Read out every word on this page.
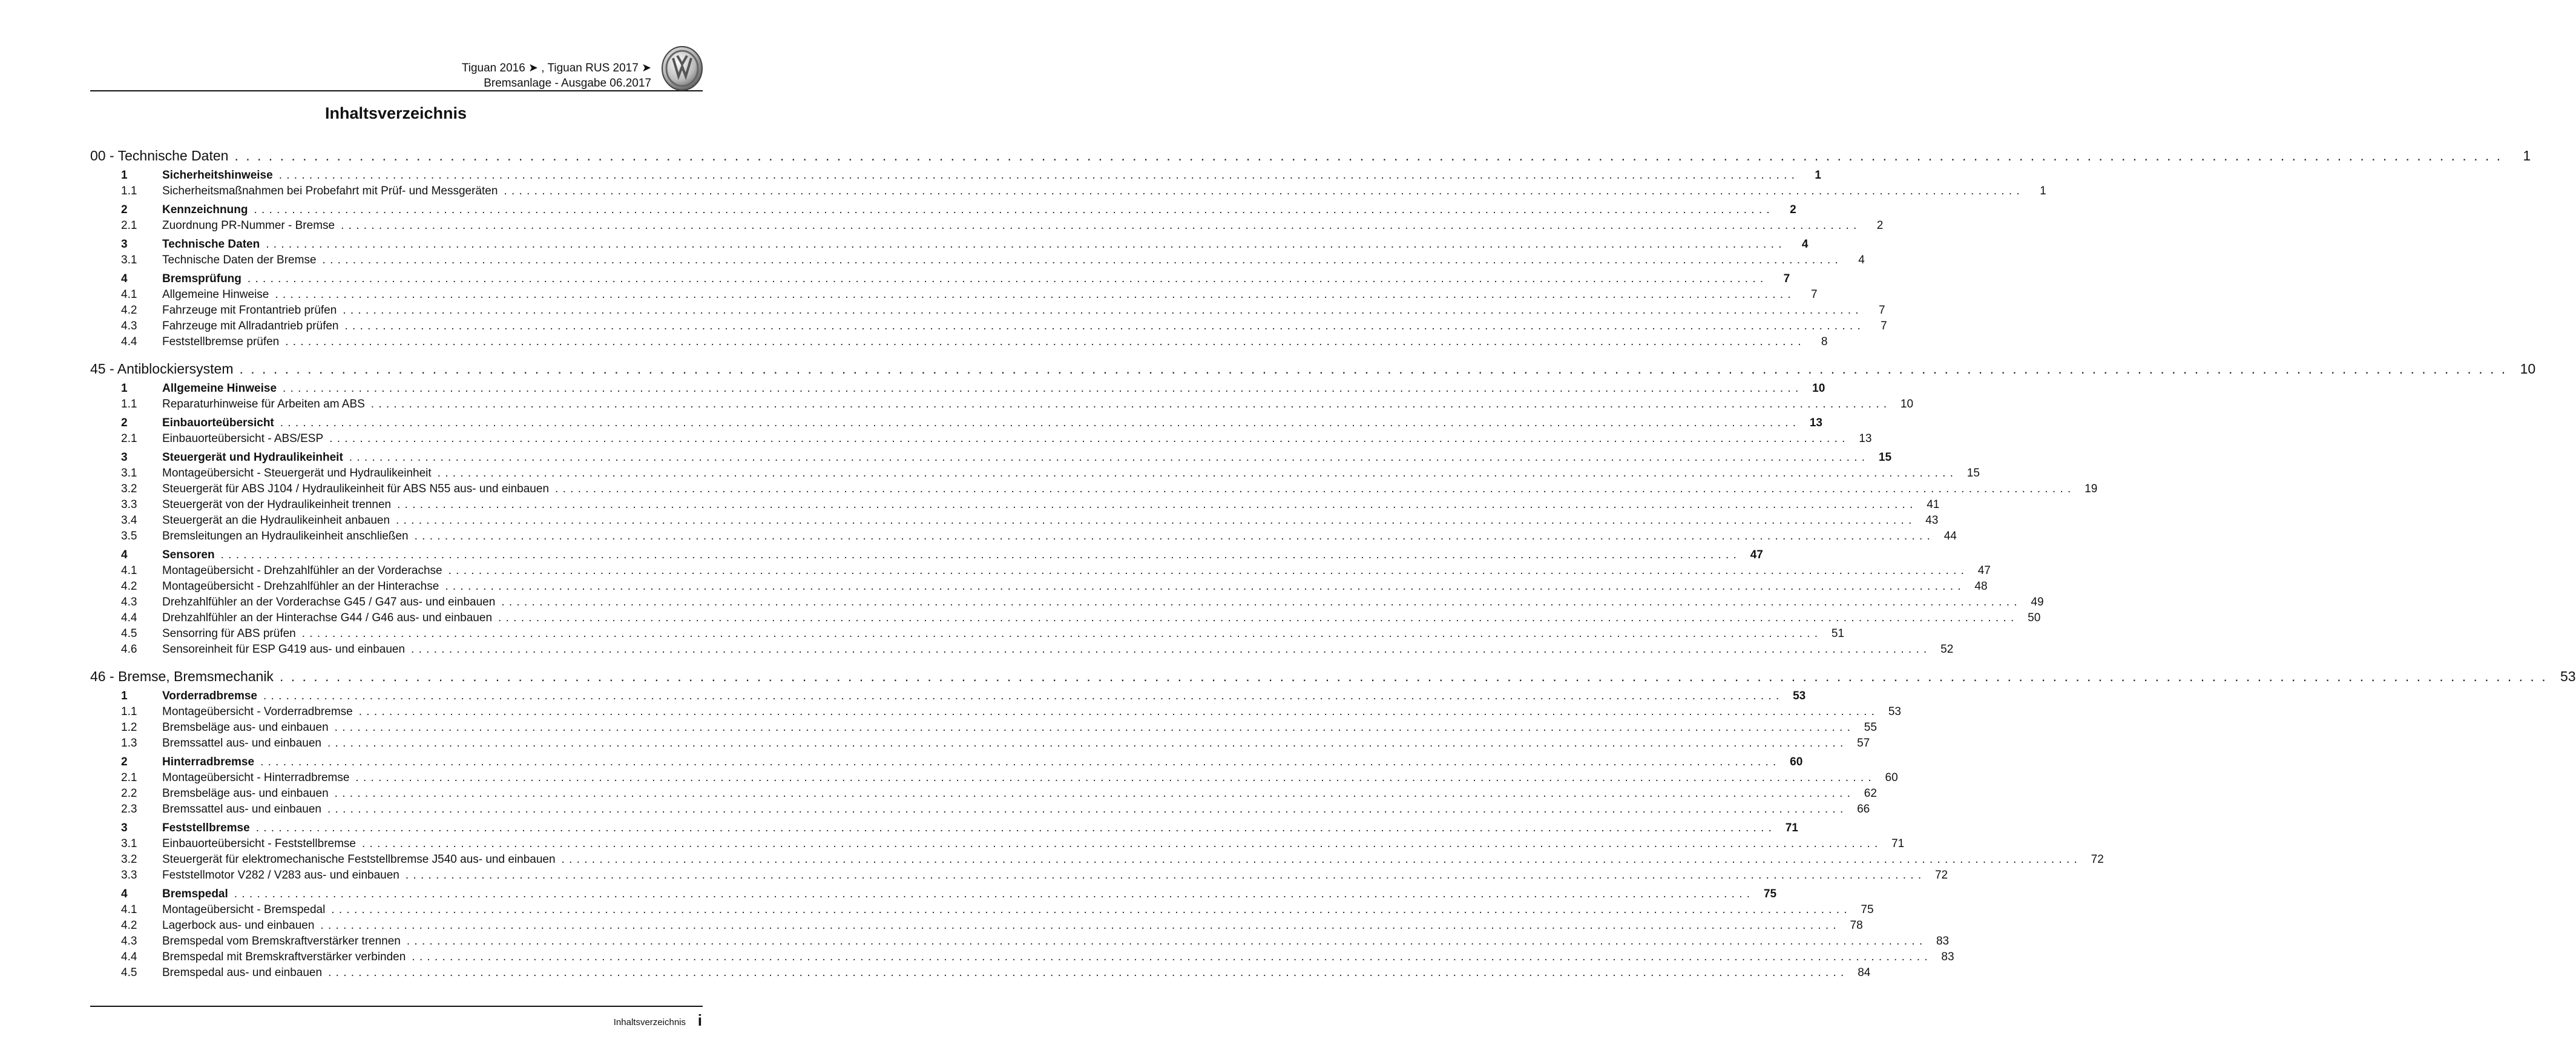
Tiguan 2016 ➤ , Tiguan RUS 2017 ➤
Bremsanlage - Ausgabe 06.2017
Inhaltsverzeichnis
00 - Technische Daten . . . . . . . . . . . . . . . . . . . . . . . . . . . . . . . . . . . . . . . . . . . . . . . . . . . . . . . . . . . . . . . . . . . . . . . . . . . . . . . . . . . . . . . . . . . . . . . . . . . . . . . . . . . . . . . . . . . . . . . . . . . . . . . . . . . . . . . . . . . . . . . . . . . . . . . . . . . . . . . . . . . . . . . . . . . . . . . . . . . . . . . . . . . . . . . . . . . . . . . .	1
1	Sicherheitshinweise . . . . . . . . . . . . . . . . . . . . . . . . . . . . . . . . . . . . . . . . . . . . . . . . . . . . . . . . . . . . . . . . . . . . . . . . . . . . . . . . . . . . . . . . . . . . . . . . . . . . . . . . . . . . . . . . . . . . . . . . . . . . . . . . . . . . . . . . . . . . . . . . . . . . . . . . . . . . . . . . . . . . . . . . . . . . . . . . . . . . . . . . . . . . . . . . . . . . . . . .	1
1.1	Sicherheitsmaßnahmen bei Probefahrt mit Prüf- und Messgeräten . . . . . . . . . . . . . . . . . . . . . . . . . . . . . . . . . . . . . . . . . . . . . . . . . . . . . . . . . . . . . . . . . . . . . . . . . . . . . . . . . . . . . . . . . . . . . . . . . . . . . . . . . . . . . . . . . . . . . . . . . . . . . . . . . . . . . . . . . . . . . . . . . . . . . . . . . . . . . . . . . . . . . . . . . . . . . . . . . . . . . . . . . . . . . . . . . . . . . . . .	1
2	Kennzeichnung . . . . . . . . . . . . . . . . . . . . . . . . . . . . . . . . . . . . . . . . . . . . . . . . . . . . . . . . . . . . . . . . . . . . . . . . . . . . . . . . . . . . . . . . . . . . . . . . . . . . . . . . . . . . . . . . . . . . . . . . . . . . . . . . . . . . . . . . . . . . . . . . . . . . . . . . . . . . . . . . . . . . . . . . . . . . . . . . . . . . . . . . . . . . . . . . . . . . . . . .	2
2.1	Zuordnung PR-Nummer - Bremse . . . . . . . . . . . . . . . . . . . . . . . . . . . . . . . . . . . . . . . . . . . . . . . . . . . . . . . . . . . . . . . . . . . . . . . . . . . . . . . . . . . . . . . . . . . . . . . . . . . . . . . . . . . . . . . . . . . . . . . . . . . . . . . . . . . . . . . . . . . . . . . . . . . . . . . . . . . . . . . . . . . . . . . . . . . . . . . . . . . . . . . . . . . . . . . . . . . . . . . .	2
3	Technische Daten . . . . . . . . . . . . . . . . . . . . . . . . . . . . . . . . . . . . . . . . . . . . . . . . . . . . . . . . . . . . . . . . . . . . . . . . . . . . . . . . . . . . . . . . . . . . . . . . . . . . . . . . . . . . . . . . . . . . . . . . . . . . . . . . . . . . . . . . . . . . . . . . . . . . . . . . . . . . . . . . . . . . . . . . . . . . . . . . . . . . . . . . . . . . . . . . . . . . . . . .	4
3.1	Technische Daten der Bremse . . . . . . . . . . . . . . . . . . . . . . . . . . . . . . . . . . . . . . . . . . . . . . . . . . . . . . . . . . . . . . . . . . . . . . . . . . . . . . . . . . . . . . . . . . . . . . . . . . . . . . . . . . . . . . . . . . . . . . . . . . . . . . . . . . . . . . . . . . . . . . . . . . . . . . . . . . . . . . . . . . . . . . . . . . . . . . . . . . . . . . . . . . . . . . . . . . . . . . . .	4
4	Bremsprüfung . . . . . . . . . . . . . . . . . . . . . . . . . . . . . . . . . . . . . . . . . . . . . . . . . . . . . . . . . . . . . . . . . . . . . . . . . . . . . . . . . . . . . . . . . . . . . . . . . . . . . . . . . . . . . . . . . . . . . . . . . . . . . . . . . . . . . . . . . . . . . . . . . . . . . . . . . . . . . . . . . . . . . . . . . . . . . . . . . . . . . . . . . . . . . . . . . . . . . . . .	7
4.1	Allgemeine Hinweise . . . . . . . . . . . . . . . . . . . . . . . . . . . . . . . . . . . . . . . . . . . . . . . . . . . . . . . . . . . . . . . . . . . . . . . . . . . . . . . . . . . . . . . . . . . . . . . . . . . . . . . . . . . . . . . . . . . . . . . . . . . . . . . . . . . . . . . . . . . . . . . . . . . . . . . . . . . . . . . . . . . . . . . . . . . . . . . . . . . . . . . . . . . . . . . . . . . . . . . .	7
4.2	Fahrzeuge mit Frontantrieb prüfen . . . . . . . . . . . . . . . . . . . . . . . . . . . . . . . . . . . . . . . . . . . . . . . . . . . . . . . . . . . . . . . . . . . . . . . . . . . . . . . . . . . . . . . . . . . . . . . . . . . . . . . . . . . . . . . . . . . . . . . . . . . . . . . . . . . . . . . . . . . . . . . . . . . . . . . . . . . . . . . . . . . . . . . . . . . . . . . . . . . . . . . . . . . . . . . . . . . . . . . .	7
4.3	Fahrzeuge mit Allradantrieb prüfen . . . . . . . . . . . . . . . . . . . . . . . . . . . . . . . . . . . . . . . . . . . . . . . . . . . . . . . . . . . . . . . . . . . . . . . . . . . . . . . . . . . . . . . . . . . . . . . . . . . . . . . . . . . . . . . . . . . . . . . . . . . . . . . . . . . . . . . . . . . . . . . . . . . . . . . . . . . . . . . . . . . . . . . . . . . . . . . . . . . . . . . . . . . . . . . . . . . . . . . .	7
4.4	Feststellbremse prüfen . . . . . . . . . . . . . . . . . . . . . . . . . . . . . . . . . . . . . . . . . . . . . . . . . . . . . . . . . . . . . . . . . . . . . . . . . . . . . . . . . . . . . . . . . . . . . . . . . . . . . . . . . . . . . . . . . . . . . . . . . . . . . . . . . . . . . . . . . . . . . . . . . . . . . . . . . . . . . . . . . . . . . . . . . . . . . . . . . . . . . . . . . . . . . . . . . . . . . . . .	8
45 - Antiblockiersystem . . . . . . . . . . . . . . . . . . . . . . . . . . . . . . . . . . . . . . . . . . . . . . . . . . . . . . . . . . . . . . . . . . . . . . . . . . . . . . . . . . . . . . . . . . . . . . . . . . . . . . . . . . . . . . . . . . . . . . . . . . . . . . . . . . . . . . . . . . . . . . . . . . . . . . . . . . . . . . . . . . . . . . . . . . . . . . . . . . . . . . . . . . . . . . . . . . . . . . . .	10
1	Allgemeine Hinweise . . . . . . . . . . . . . . . . . . . . . . . . . . . . . . . . . . . . . . . . . . . . . . . . . . . . . . . . . . . . . . . . . . . . . . . . . . . . . . . . . . . . . . . . . . . . . . . . . . . . . . . . . . . . . . . . . . . . . . . . . . . . . . . . . . . . . . . . . . . . . . . . . . . . . . . . . . . . . . . . . . . . . . . . . . . . . . . . . . . . . . . . . . . . . . . . . . . . . . . .	10
1.1	Reparaturhinweise für Arbeiten am ABS . . . . . . . . . . . . . . . . . . . . . . . . . . . . . . . . . . . . . . . . . . . . . . . . . . . . . . . . . . . . . . . . . . . . . . . . . . . . . . . . . . . . . . . . . . . . . . . . . . . . . . . . . . . . . . . . . . . . . . . . . . . . . . . . . . . . . . . . . . . . . . . . . . . . . . . . . . . . . . . . . . . . . . . . . . . . . . . . . . . . . . . . . . . . . . . . . . . . . . . .	10
2	Einbauorteübersicht . . . . . . . . . . . . . . . . . . . . . . . . . . . . . . . . . . . . . . . . . . . . . . . . . . . . . . . . . . . . . . . . . . . . . . . . . . . . . . . . . . . . . . . . . . . . . . . . . . . . . . . . . . . . . . . . . . . . . . . . . . . . . . . . . . . . . . . . . . . . . . . . . . . . . . . . . . . . . . . . . . . . . . . . . . . . . . . . . . . . . . . . . . . . . . . . . . . . . . . .	13
2.1	Einbauorteübersicht - ABS/ESP . . . . . . . . . . . . . . . . . . . . . . . . . . . . . . . . . . . . . . . . . . . . . . . . . . . . . . . . . . . . . . . . . . . . . . . . . . . . . . . . . . . . . . . . . . . . . . . . . . . . . . . . . . . . . . . . . . . . . . . . . . . . . . . . . . . . . . . . . . . . . . . . . . . . . . . . . . . . . . . . . . . . . . . . . . . . . . . . . . . . . . . . . . . . . . . . . . . . . . . .	13
3	Steuergerät und Hydraulikeinheit . . . . . . . . . . . . . . . . . . . . . . . . . . . . . . . . . . . . . . . . . . . . . . . . . . . . . . . . . . . . . . . . . . . . . . . . . . . . . . . . . . . . . . . . . . . . . . . . . . . . . . . . . . . . . . . . . . . . . . . . . . . . . . . . . . . . . . . . . . . . . . . . . . . . . . . . . . . . . . . . . . . . . . . . . . . . . . . . . . . . . . . . . . . . . . . . . . . . . . . .	15
3.1	Montageübersicht - Steuergerät und Hydraulikeinheit . . . . . . . . . . . . . . . . . . . . . . . . . . . . . . . . . . . . . . . . . . . . . . . . . . . . . . . . . . . . . . . . . . . . . . . . . . . . . . . . . . . . . . . . . . . . . . . . . . . . . . . . . . . . . . . . . . . . . . . . . . . . . . . . . . . . . . . . . . . . . . . . . . . . . . . . . . . . . . . . . . . . . . . . . . . . . . . . . . . . . . . . . . . . . . . . . . . . . . . .	15
3.2	Steuergerät für ABS J104 / Hydraulikeinheit für ABS N55 aus- und einbauen . . . . . . . . . . . . . . . . . . . . . . . . . . . . . . . . . . . . . . . . . . . . . . . . . . . . . . . . . . . . . . . . . . . . . . . . . . . . . . . . . . . . . . . . . . . . . . . . . . . . . . . . . . . . . . . . . . . . . . . . . . . . . . . . . . . . . . . . . . . . . . . . . . . . . . . . . . . . . . . . . . . . . . . . . . . . . . . . . . . . . . . . . . . . . . . . . . . . . . . .	19
3.3	Steuergerät von der Hydraulikeinheit trennen . . . . . . . . . . . . . . . . . . . . . . . . . . . . . . . . . . . . . . . . . . . . . . . . . . . . . . . . . . . . . . . . . . . . . . . . . . . . . . . . . . . . . . . . . . . . . . . . . . . . . . . . . . . . . . . . . . . . . . . . . . . . . . . . . . . . . . . . . . . . . . . . . . . . . . . . . . . . . . . . . . . . . . . . . . . . . . . . . . . . . . . . . . . . . . . . . . . . . . . .	41
3.4	Steuergerät an die Hydraulikeinheit anbauen . . . . . . . . . . . . . . . . . . . . . . . . . . . . . . . . . . . . . . . . . . . . . . . . . . . . . . . . . . . . . . . . . . . . . . . . . . . . . . . . . . . . . . . . . . . . . . . . . . . . . . . . . . . . . . . . . . . . . . . . . . . . . . . . . . . . . . . . . . . . . . . . . . . . . . . . . . . . . . . . . . . . . . . . . . . . . . . . . . . . . . . . . . . . . . . . . . . . . . . .	43
3.5	Bremsleitungen an Hydraulikeinheit anschließen . . . . . . . . . . . . . . . . . . . . . . . . . . . . . . . . . . . . . . . . . . . . . . . . . . . . . . . . . . . . . . . . . . . . . . . . . . . . . . . . . . . . . . . . . . . . . . . . . . . . . . . . . . . . . . . . . . . . . . . . . . . . . . . . . . . . . . . . . . . . . . . . . . . . . . . . . . . . . . . . . . . . . . . . . . . . . . . . . . . . . . . . . . . . . . . . . . . . . . . .	44
4	Sensoren . . . . . . . . . . . . . . . . . . . . . . . . . . . . . . . . . . . . . . . . . . . . . . . . . . . . . . . . . . . . . . . . . . . . . . . . . . . . . . . . . . . . . . . . . . . . . . . . . . . . . . . . . . . . . . . . . . . . . . . . . . . . . . . . . . . . . . . . . . . . . . . . . . . . . . . . . . . . . . . . . . . . . . . . . . . . . . . . . . . . . . . . . . . . . . . . . . . . . . . .	47
4.1	Montageübersicht - Drehzahlfühler an der Vorderachse . . . . . . . . . . . . . . . . . . . . . . . . . . . . . . . . . . . . . . . . . . . . . . . . . . . . . . . . . . . . . . . . . . . . . . . . . . . . . . . . . . . . . . . . . . . . . . . . . . . . . . . . . . . . . . . . . . . . . . . . . . . . . . . . . . . . . . . . . . . . . . . . . . . . . . . . . . . . . . . . . . . . . . . . . . . . . . . . . . . . . . . . . . . . . . . . . . . . . . . .	47
4.2	Montageübersicht - Drehzahlfühler an der Hinterachse . . . . . . . . . . . . . . . . . . . . . . . . . . . . . . . . . . . . . . . . . . . . . . . . . . . . . . . . . . . . . . . . . . . . . . . . . . . . . . . . . . . . . . . . . . . . . . . . . . . . . . . . . . . . . . . . . . . . . . . . . . . . . . . . . . . . . . . . . . . . . . . . . . . . . . . . . . . . . . . . . . . . . . . . . . . . . . . . . . . . . . . . . . . . . . . . . . . . . . . .	48
4.3	Drehzahlfühler an der Vorderachse G45 / G47 aus- und einbauen . . . . . . . . . . . . . . . . . . . . . . . . . . . . . . . . . . . . . . . . . . . . . . . . . . . . . . . . . . . . . . . . . . . . . . . . . . . . . . . . . . . . . . . . . . . . . . . . . . . . . . . . . . . . . . . . . . . . . . . . . . . . . . . . . . . . . . . . . . . . . . . . . . . . . . . . . . . . . . . . . . . . . . . . . . . . . . . . . . . . . . . . . . . . . . . . . . . . . . . .	49
4.4	Drehzahlfühler an der Hinterachse G44 / G46 aus- und einbauen . . . . . . . . . . . . . . . . . . . . . . . . . . . . . . . . . . . . . . . . . . . . . . . . . . . . . . . . . . . . . . . . . . . . . . . . . . . . . . . . . . . . . . . . . . . . . . . . . . . . . . . . . . . . . . . . . . . . . . . . . . . . . . . . . . . . . . . . . . . . . . . . . . . . . . . . . . . . . . . . . . . . . . . . . . . . . . . . . . . . . . . . . . . . . . . . . . . . . . . .	50
4.5	Sensorring für ABS prüfen . . . . . . . . . . . . . . . . . . . . . . . . . . . . . . . . . . . . . . . . . . . . . . . . . . . . . . . . . . . . . . . . . . . . . . . . . . . . . . . . . . . . . . . . . . . . . . . . . . . . . . . . . . . . . . . . . . . . . . . . . . . . . . . . . . . . . . . . . . . . . . . . . . . . . . . . . . . . . . . . . . . . . . . . . . . . . . . . . . . . . . . . . . . . . . . . . . . . . . . .	51
4.6	Sensoreinheit für ESP G419 aus- und einbauen . . . . . . . . . . . . . . . . . . . . . . . . . . . . . . . . . . . . . . . . . . . . . . . . . . . . . . . . . . . . . . . . . . . . . . . . . . . . . . . . . . . . . . . . . . . . . . . . . . . . . . . . . . . . . . . . . . . . . . . . . . . . . . . . . . . . . . . . . . . . . . . . . . . . . . . . . . . . . . . . . . . . . . . . . . . . . . . . . . . . . . . . . . . . . . . . . . . . . . . .	52
46 - Bremse, Bremsmechanik . . . . . . . . . . . . . . . . . . . . . . . . . . . . . . . . . . . . . . . . . . . . . . . . . . . . . . . . . . . . . . . . . . . . . . . . . . . . . . . . . . . . . . . . . . . . . . . . . . . . . . . . . . . . . . . . . . . . . . . . . . . . . . . . . . . . . . . . . . . . . . . . . . . . . . . . . . . . . . . . . . . . . . . . . . . . . . . . . . . . . . . . . . . . . . . . . . . . . . . .	53
1	Vorderradbremse . . . . . . . . . . . . . . . . . . . . . . . . . . . . . . . . . . . . . . . . . . . . . . . . . . . . . . . . . . . . . . . . . . . . . . . . . . . . . . . . . . . . . . . . . . . . . . . . . . . . . . . . . . . . . . . . . . . . . . . . . . . . . . . . . . . . . . . . . . . . . . . . . . . . . . . . . . . . . . . . . . . . . . . . . . . . . . . . . . . . . . . . . . . . . . . . . . . . . . . .	53
1.1	Montageübersicht - Vorderradbremse . . . . . . . . . . . . . . . . . . . . . . . . . . . . . . . . . . . . . . . . . . . . . . . . . . . . . . . . . . . . . . . . . . . . . . . . . . . . . . . . . . . . . . . . . . . . . . . . . . . . . . . . . . . . . . . . . . . . . . . . . . . . . . . . . . . . . . . . . . . . . . . . . . . . . . . . . . . . . . . . . . . . . . . . . . . . . . . . . . . . . . . . . . . . . . . . . . . . . . . .	53
1.2	Bremsbeläge aus- und einbauen . . . . . . . . . . . . . . . . . . . . . . . . . . . . . . . . . . . . . . . . . . . . . . . . . . . . . . . . . . . . . . . . . . . . . . . . . . . . . . . . . . . . . . . . . . . . . . . . . . . . . . . . . . . . . . . . . . . . . . . . . . . . . . . . . . . . . . . . . . . . . . . . . . . . . . . . . . . . . . . . . . . . . . . . . . . . . . . . . . . . . . . . . . . . . . . . . . . . . . . .	55
1.3	Bremssattel aus- und einbauen . . . . . . . . . . . . . . . . . . . . . . . . . . . . . . . . . . . . . . . . . . . . . . . . . . . . . . . . . . . . . . . . . . . . . . . . . . . . . . . . . . . . . . . . . . . . . . . . . . . . . . . . . . . . . . . . . . . . . . . . . . . . . . . . . . . . . . . . . . . . . . . . . . . . . . . . . . . . . . . . . . . . . . . . . . . . . . . . . . . . . . . . . . . . . . . . . . . . . . . .	57
2	Hinterradbremse . . . . . . . . . . . . . . . . . . . . . . . . . . . . . . . . . . . . . . . . . . . . . . . . . . . . . . . . . . . . . . . . . . . . . . . . . . . . . . . . . . . . . . . . . . . . . . . . . . . . . . . . . . . . . . . . . . . . . . . . . . . . . . . . . . . . . . . . . . . . . . . . . . . . . . . . . . . . . . . . . . . . . . . . . . . . . . . . . . . . . . . . . . . . . . . . . . . . . . . .	60
2.1	Montageübersicht - Hinterradbremse . . . . . . . . . . . . . . . . . . . . . . . . . . . . . . . . . . . . . . . . . . . . . . . . . . . . . . . . . . . . . . . . . . . . . . . . . . . . . . . . . . . . . . . . . . . . . . . . . . . . . . . . . . . . . . . . . . . . . . . . . . . . . . . . . . . . . . . . . . . . . . . . . . . . . . . . . . . . . . . . . . . . . . . . . . . . . . . . . . . . . . . . . . . . . . . . . . . . . . . .	60
2.2	Bremsbeläge aus- und einbauen . . . . . . . . . . . . . . . . . . . . . . . . . . . . . . . . . . . . . . . . . . . . . . . . . . . . . . . . . . . . . . . . . . . . . . . . . . . . . . . . . . . . . . . . . . . . . . . . . . . . . . . . . . . . . . . . . . . . . . . . . . . . . . . . . . . . . . . . . . . . . . . . . . . . . . . . . . . . . . . . . . . . . . . . . . . . . . . . . . . . . . . . . . . . . . . . . . . . . . . .	62
2.3	Bremssattel aus- und einbauen . . . . . . . . . . . . . . . . . . . . . . . . . . . . . . . . . . . . . . . . . . . . . . . . . . . . . . . . . . . . . . . . . . . . . . . . . . . . . . . . . . . . . . . . . . . . . . . . . . . . . . . . . . . . . . . . . . . . . . . . . . . . . . . . . . . . . . . . . . . . . . . . . . . . . . . . . . . . . . . . . . . . . . . . . . . . . . . . . . . . . . . . . . . . . . . . . . . . . . . .	66
3	Feststellbremse . . . . . . . . . . . . . . . . . . . . . . . . . . . . . . . . . . . . . . . . . . . . . . . . . . . . . . . . . . . . . . . . . . . . . . . . . . . . . . . . . . . . . . . . . . . . . . . . . . . . . . . . . . . . . . . . . . . . . . . . . . . . . . . . . . . . . . . . . . . . . . . . . . . . . . . . . . . . . . . . . . . . . . . . . . . . . . . . . . . . . . . . . . . . . . . . . . . . . . . .	71
3.1	Einbauorteübersicht - Feststellbremse . . . . . . . . . . . . . . . . . . . . . . . . . . . . . . . . . . . . . . . . . . . . . . . . . . . . . . . . . . . . . . . . . . . . . . . . . . . . . . . . . . . . . . . . . . . . . . . . . . . . . . . . . . . . . . . . . . . . . . . . . . . . . . . . . . . . . . . . . . . . . . . . . . . . . . . . . . . . . . . . . . . . . . . . . . . . . . . . . . . . . . . . . . . . . . . . . . . . . . . .	71
3.2	Steuergerät für elektromechanische Feststellbremse J540 aus- und einbauen . . . . . . . . . . . . . . . . . . . . . . . . . . . . . . . . . . . . . . . . . . . . . . . . . . . . . . . . . . . . . . . . . . . . . . . . . . . . . . . . . . . . . . . . . . . . . . . . . . . . . . . . . . . . . . . . . . . . . . . . . . . . . . . . . . . . . . . . . . . . . . . . . . . . . . . . . . . . . . . . . . . . . . . . . . . . . . . . . . . . . . . . . . . . . . . . . . . . . . . .	72
3.3	Feststellmotor V282 / V283 aus- und einbauen . . . . . . . . . . . . . . . . . . . . . . . . . . . . . . . . . . . . . . . . . . . . . . . . . . . . . . . . . . . . . . . . . . . . . . . . . . . . . . . . . . . . . . . . . . . . . . . . . . . . . . . . . . . . . . . . . . . . . . . . . . . . . . . . . . . . . . . . . . . . . . . . . . . . . . . . . . . . . . . . . . . . . . . . . . . . . . . . . . . . . . . . . . . . . . . . . . . . . . . .	72
4	Bremspedal . . . . . . . . . . . . . . . . . . . . . . . . . . . . . . . . . . . . . . . . . . . . . . . . . . . . . . . . . . . . . . . . . . . . . . . . . . . . . . . . . . . . . . . . . . . . . . . . . . . . . . . . . . . . . . . . . . . . . . . . . . . . . . . . . . . . . . . . . . . . . . . . . . . . . . . . . . . . . . . . . . . . . . . . . . . . . . . . . . . . . . . . . . . . . . . . . . . . . . . .	75
4.1	Montageübersicht - Bremspedal . . . . . . . . . . . . . . . . . . . . . . . . . . . . . . . . . . . . . . . . . . . . . . . . . . . . . . . . . . . . . . . . . . . . . . . . . . . . . . . . . . . . . . . . . . . . . . . . . . . . . . . . . . . . . . . . . . . . . . . . . . . . . . . . . . . . . . . . . . . . . . . . . . . . . . . . . . . . . . . . . . . . . . . . . . . . . . . . . . . . . . . . . . . . . . . . . . . . . . . .	75
4.2	Lagerbock aus- und einbauen . . . . . . . . . . . . . . . . . . . . . . . . . . . . . . . . . . . . . . . . . . . . . . . . . . . . . . . . . . . . . . . . . . . . . . . . . . . . . . . . . . . . . . . . . . . . . . . . . . . . . . . . . . . . . . . . . . . . . . . . . . . . . . . . . . . . . . . . . . . . . . . . . . . . . . . . . . . . . . . . . . . . . . . . . . . . . . . . . . . . . . . . . . . . . . . . . . . . . . . .	78
4.3	Bremspedal vom Bremskraftverstärker trennen . . . . . . . . . . . . . . . . . . . . . . . . . . . . . . . . . . . . . . . . . . . . . . . . . . . . . . . . . . . . . . . . . . . . . . . . . . . . . . . . . . . . . . . . . . . . . . . . . . . . . . . . . . . . . . . . . . . . . . . . . . . . . . . . . . . . . . . . . . . . . . . . . . . . . . . . . . . . . . . . . . . . . . . . . . . . . . . . . . . . . . . . . . . . . . . . . . . . . . . .	83
4.4	Bremspedal mit Bremskraftverstärker verbinden . . . . . . . . . . . . . . . . . . . . . . . . . . . . . . . . . . . . . . . . . . . . . . . . . . . . . . . . . . . . . . . . . . . . . . . . . . . . . . . . . . . . . . . . . . . . . . . . . . . . . . . . . . . . . . . . . . . . . . . . . . . . . . . . . . . . . . . . . . . . . . . . . . . . . . . . . . . . . . . . . . . . . . . . . . . . . . . . . . . . . . . . . . . . . . . . . . . . . . . .	83
4.5	Bremspedal aus- und einbauen . . . . . . . . . . . . . . . . . . . . . . . . . . . . . . . . . . . . . . . . . . . . . . . . . . . . . . . . . . . . . . . . . . . . . . . . . . . . . . . . . . . . . . . . . . . . . . . . . . . . . . . . . . . . . . . . . . . . . . . . . . . . . . . . . . . . . . . . . . . . . . . . . . . . . . . . . . . . . . . . . . . . . . . . . . . . . . . . . . . . . . . . . . . . . . . . . . . . . . . .	84
Inhaltsverzeichnis i
